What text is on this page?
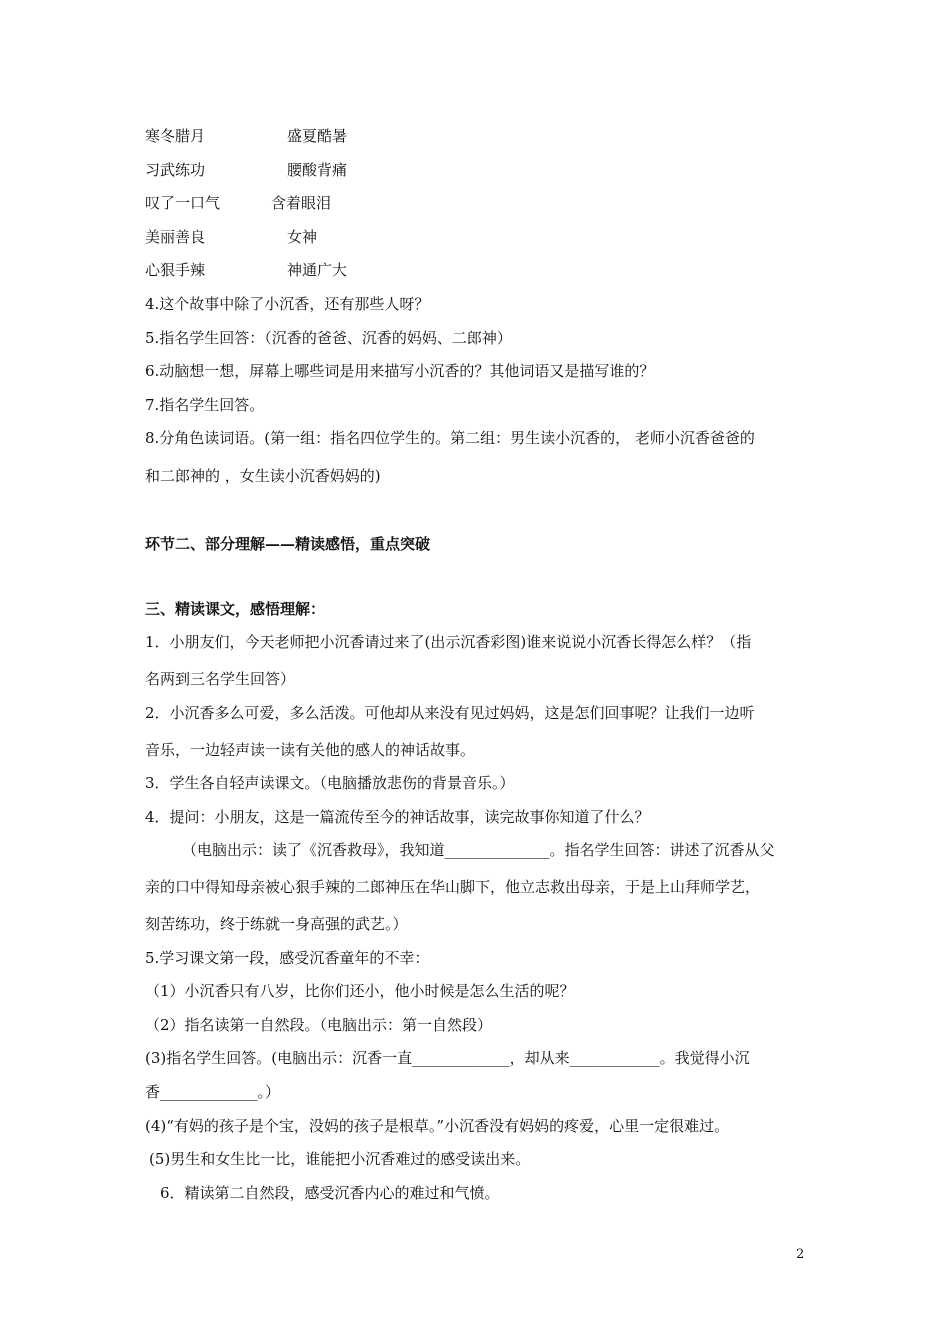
寒冬腊月	盛夏酷暑
习武练功	腰酸背痛
叹了一口气	含着眼泪
美丽善良	女神
心狠手辣	神通广大
4.这个故事中除了小沉香，还有那些人呀？
5.指名学生回答：（沉香的爸爸、沉香的妈妈、二郎神）
6.动脑想一想，屏幕上哪些词是用来描写小沉香的？其他词语又是描写谁的？
7.指名学生回答。
8.分角色读词语。(第一组：指名四位学生的。第二组：男生读小沉香的， 老师小沉香爸爸的
和二郎神的 ，女生读小沉香妈妈的)
环节二、部分理解——精读感悟，重点突破
三、精读课文，感悟理解：
1．小朋友们，今天老师把小沉香请过来了(出示沉香彩图)谁来说说小沉香长得怎么样？（指
名两到三名学生回答）
2．小沉香多么可爱，多么活泼。可他却从来没有见过妈妈，这是怎们回事呢？让我们一边听
音乐，一边轻声读一读有关他的感人的神话故事。
3．学生各自轻声读课文。（电脑播放悲伤的背景音乐。）
4．提问：小朋友，这是一篇流传至今的神话故事，读完故事你知道了什么？
（电脑出示：读了《沉香救母》，我知道______________。指名学生回答：讲述了沉香从父
亲的口中得知母亲被心狠手辣的二郎神压在华山脚下，他立志救出母亲，于是上山拜师学艺，
刻苦练功，终于练就一身高强的武艺。）
5.学习课文第一段，感受沉香童年的不幸：
（1）小沉香只有八岁，比你们还小，他小时候是怎么生活的呢？
（2）指名读第一自然段。（电脑出示：第一自然段）
(3)指名学生回答。(电脑出示：沉香一直_____________，却从来____________。我觉得小沉
香_____________。）
(4)“有妈的孩子是个宝，没妈的孩子是根草。”小沉香没有妈妈的疼爱，心里一定很难过。
(5)男生和女生比一比，谁能把小沉香难过的感受读出来。
6．精读第二自然段，感受沉香内心的难过和气愤。
2
